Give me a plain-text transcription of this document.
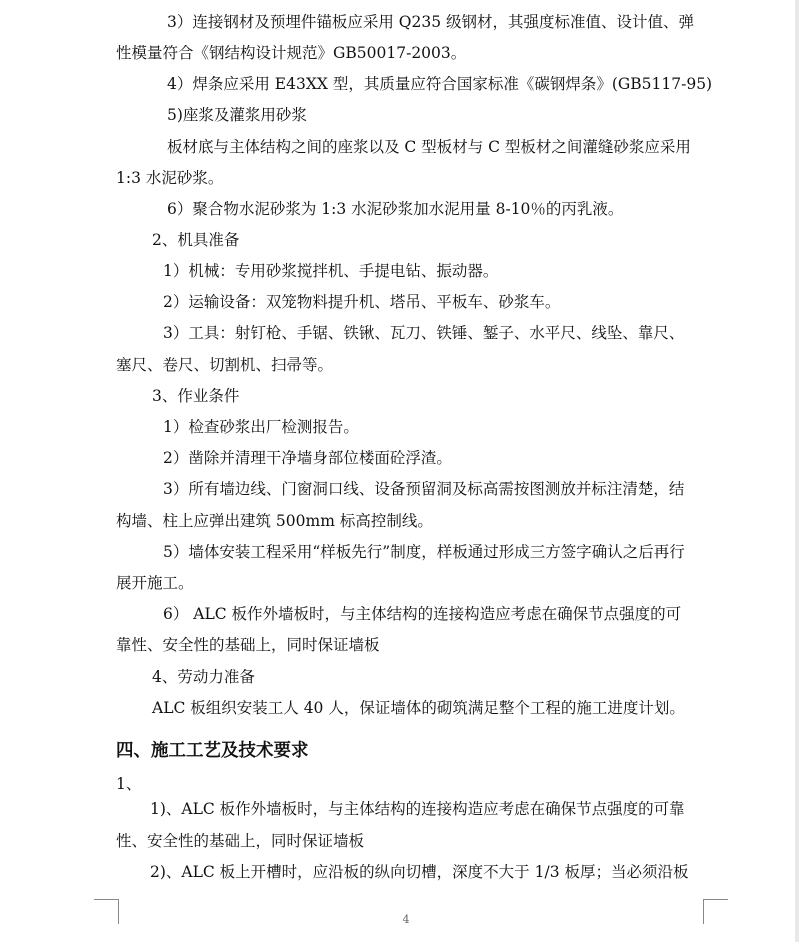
3）连接钢材及预埋件锚板应采用 Q235 级钢材，其强度标准值、设计值、弹
性模量符合《钢结构设计规范》GB50017-2003。
4）焊条应采用 E43XX 型，其质量应符合国家标准《碳钢焊条》(GB5117-95)
5)座浆及灌浆用砂浆
板材底与主体结构之间的座浆以及 C 型板材与 C 型板材之间灌缝砂浆应采用
1:3 水泥砂浆。
6）聚合物水泥砂浆为 1:3 水泥砂浆加水泥用量 8-10％的丙乳液。
2、机具准备
1）机械：专用砂浆搅拌机、手提电钻、振动器。
2）运输设备：双笼物料提升机、塔吊、平板车、砂浆车。
3）工具：射钉枪、手锯、铁锹、瓦刀、铁锤、錾子、水平尺、线坠、靠尺、
塞尺、卷尺、切割机、扫帚等。
3、作业条件
1）检查砂浆出厂检测报告。
2）凿除并清理干净墙身部位楼面砼浮渣。
3）所有墙边线、门窗洞口线、设备预留洞及标高需按图测放并标注清楚，结
构墙、柱上应弹出建筑 500mm 标高控制线。
5）墙体安装工程采用“样板先行”制度，样板通过形成三方签字确认之后再行
展开施工。
6） ALC 板作外墙板时，与主体结构的连接构造应考虑在确保节点强度的可
靠性、安全性的基础上，同时保证墙板
4、劳动力准备
ALC 板组织安装工人 40 人，保证墙体的砌筑满足整个工程的施工进度计划。
四、施工工艺及技术要求
1、
1)、ALC 板作外墙板时，与主体结构的连接构造应考虑在确保节点强度的可靠
性、安全性的基础上，同时保证墙板
2)、ALC 板上开槽时，应沿板的纵向切槽，深度不大于 1/3 板厚；当必须沿板
4
